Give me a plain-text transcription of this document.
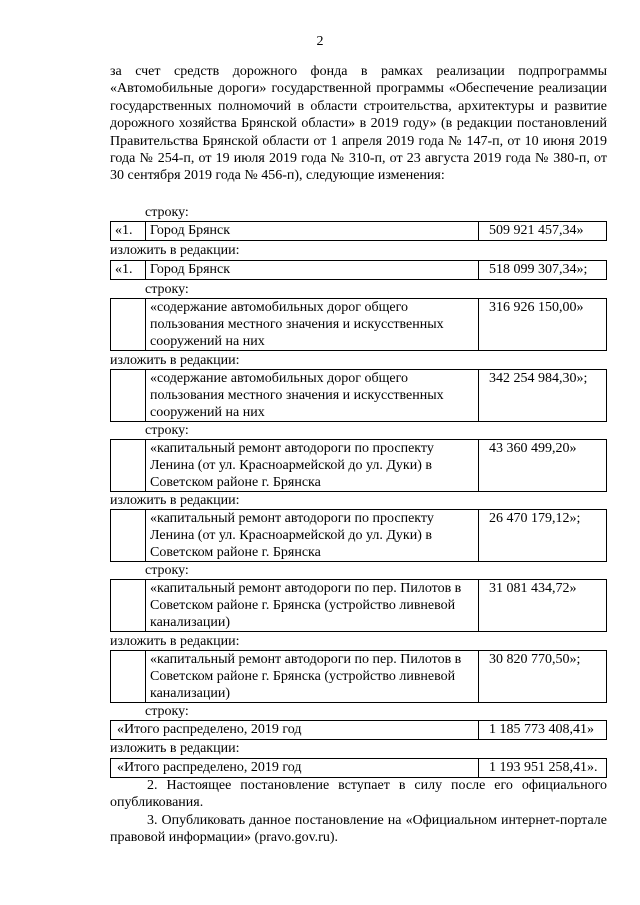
2

за счет средств дорожного фонда в рамках реализации подпрограммы «Автомобильные дороги» государственной программы «Обеспечение реализации государственных полномочий в области строительства, архитектуры и развитие дорожного хозяйства Брянской области» в 2019 году» (в редакции постановлений Правительства Брянской области от 1 апреля 2019 года № 147-п, от 10 июня 2019 года № 254-п, от 19 июля 2019 года № 310-п, от 23 августа 2019 года № 380-п, от 30 сентября 2019 года № 456-п), следующие изменения:

строку:
«1.	Город Брянск	509 921 457,34»
изложить в редакции:
«1.	Город Брянск	518 099 307,34»;
строку:
	«содержание автомобильных дорог общего пользования местного значения и искусственных сооружений на них	316 926 150,00»
изложить в редакции:
	«содержание автомобильных дорог общего пользования местного значения и искусственных сооружений на них	342 254 984,30»;
строку:
	«капитальный ремонт автодороги по проспекту Ленина (от ул. Красноармейской до ул. Дуки) в Советском районе г. Брянска	43 360 499,20»
изложить в редакции:
	«капитальный ремонт автодороги по проспекту Ленина (от ул. Красноармейской до ул. Дуки) в Советском районе г. Брянска	26 470 179,12»;
строку:
	«капитальный ремонт автодороги по пер. Пилотов в Советском районе г. Брянска (устройство ливневой канализации)	31 081 434,72»
изложить в редакции:
	«капитальный ремонт автодороги по пер. Пилотов в Советском районе г. Брянска (устройство ливневой канализации)	30 820 770,50»;
строку:
«Итого распределено, 2019 год	1 185 773 408,41»
изложить в редакции:
«Итого распределено, 2019 год	1 193 951 258,41».

2. Настоящее постановление вступает в силу после его официального опубликования.

3. Опубликовать данное постановление на «Официальном интернет-портале правовой информации» (pravo.gov.ru).
